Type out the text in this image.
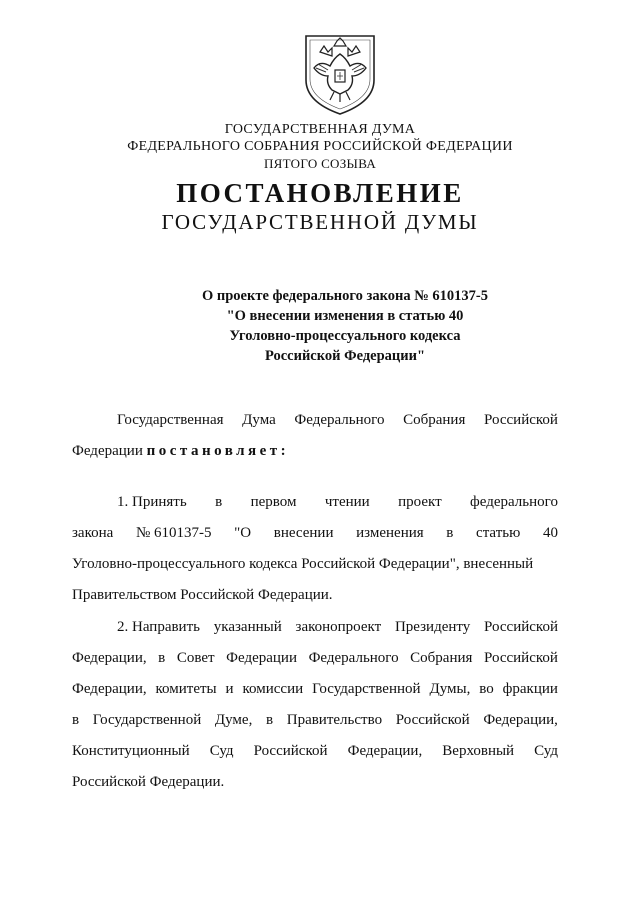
ГОСУДАРСТВЕННАЯ ДУМА
ФЕДЕРАЛЬНОГО СОБРАНИЯ РОССИЙСКОЙ ФЕДЕРАЦИИ
ПЯТОГО СОЗЫВА
ПОСТАНОВЛЕНИЕ
ГОСУДАРСТВЕННОЙ ДУМЫ
О проекте федерального закона № 610137-5
"О внесении изменения в статью 40
Уголовно-процессуального кодекса
Российской Федерации"
Государственная Дума Федерального Собрания Российской
Федерации постановляет:
1. Принять в первом чтении проект федерального
закона № 610137-5 "О внесении изменения в статью 40
Уголовно-процессуального кодекса Российской Федерации", внесенный
Правительством Российской Федерации.
2. Направить указанный законопроект Президенту Российской
Федерации, в Совет Федерации Федерального Собрания Российской
Федерации, комитеты и комиссии Государственной Думы, во фракции
в Государственной Думе, в Правительство Российской Федерации,
Конституционный Суд Российской Федерации, Верховный Суд
Российской Федерации.
